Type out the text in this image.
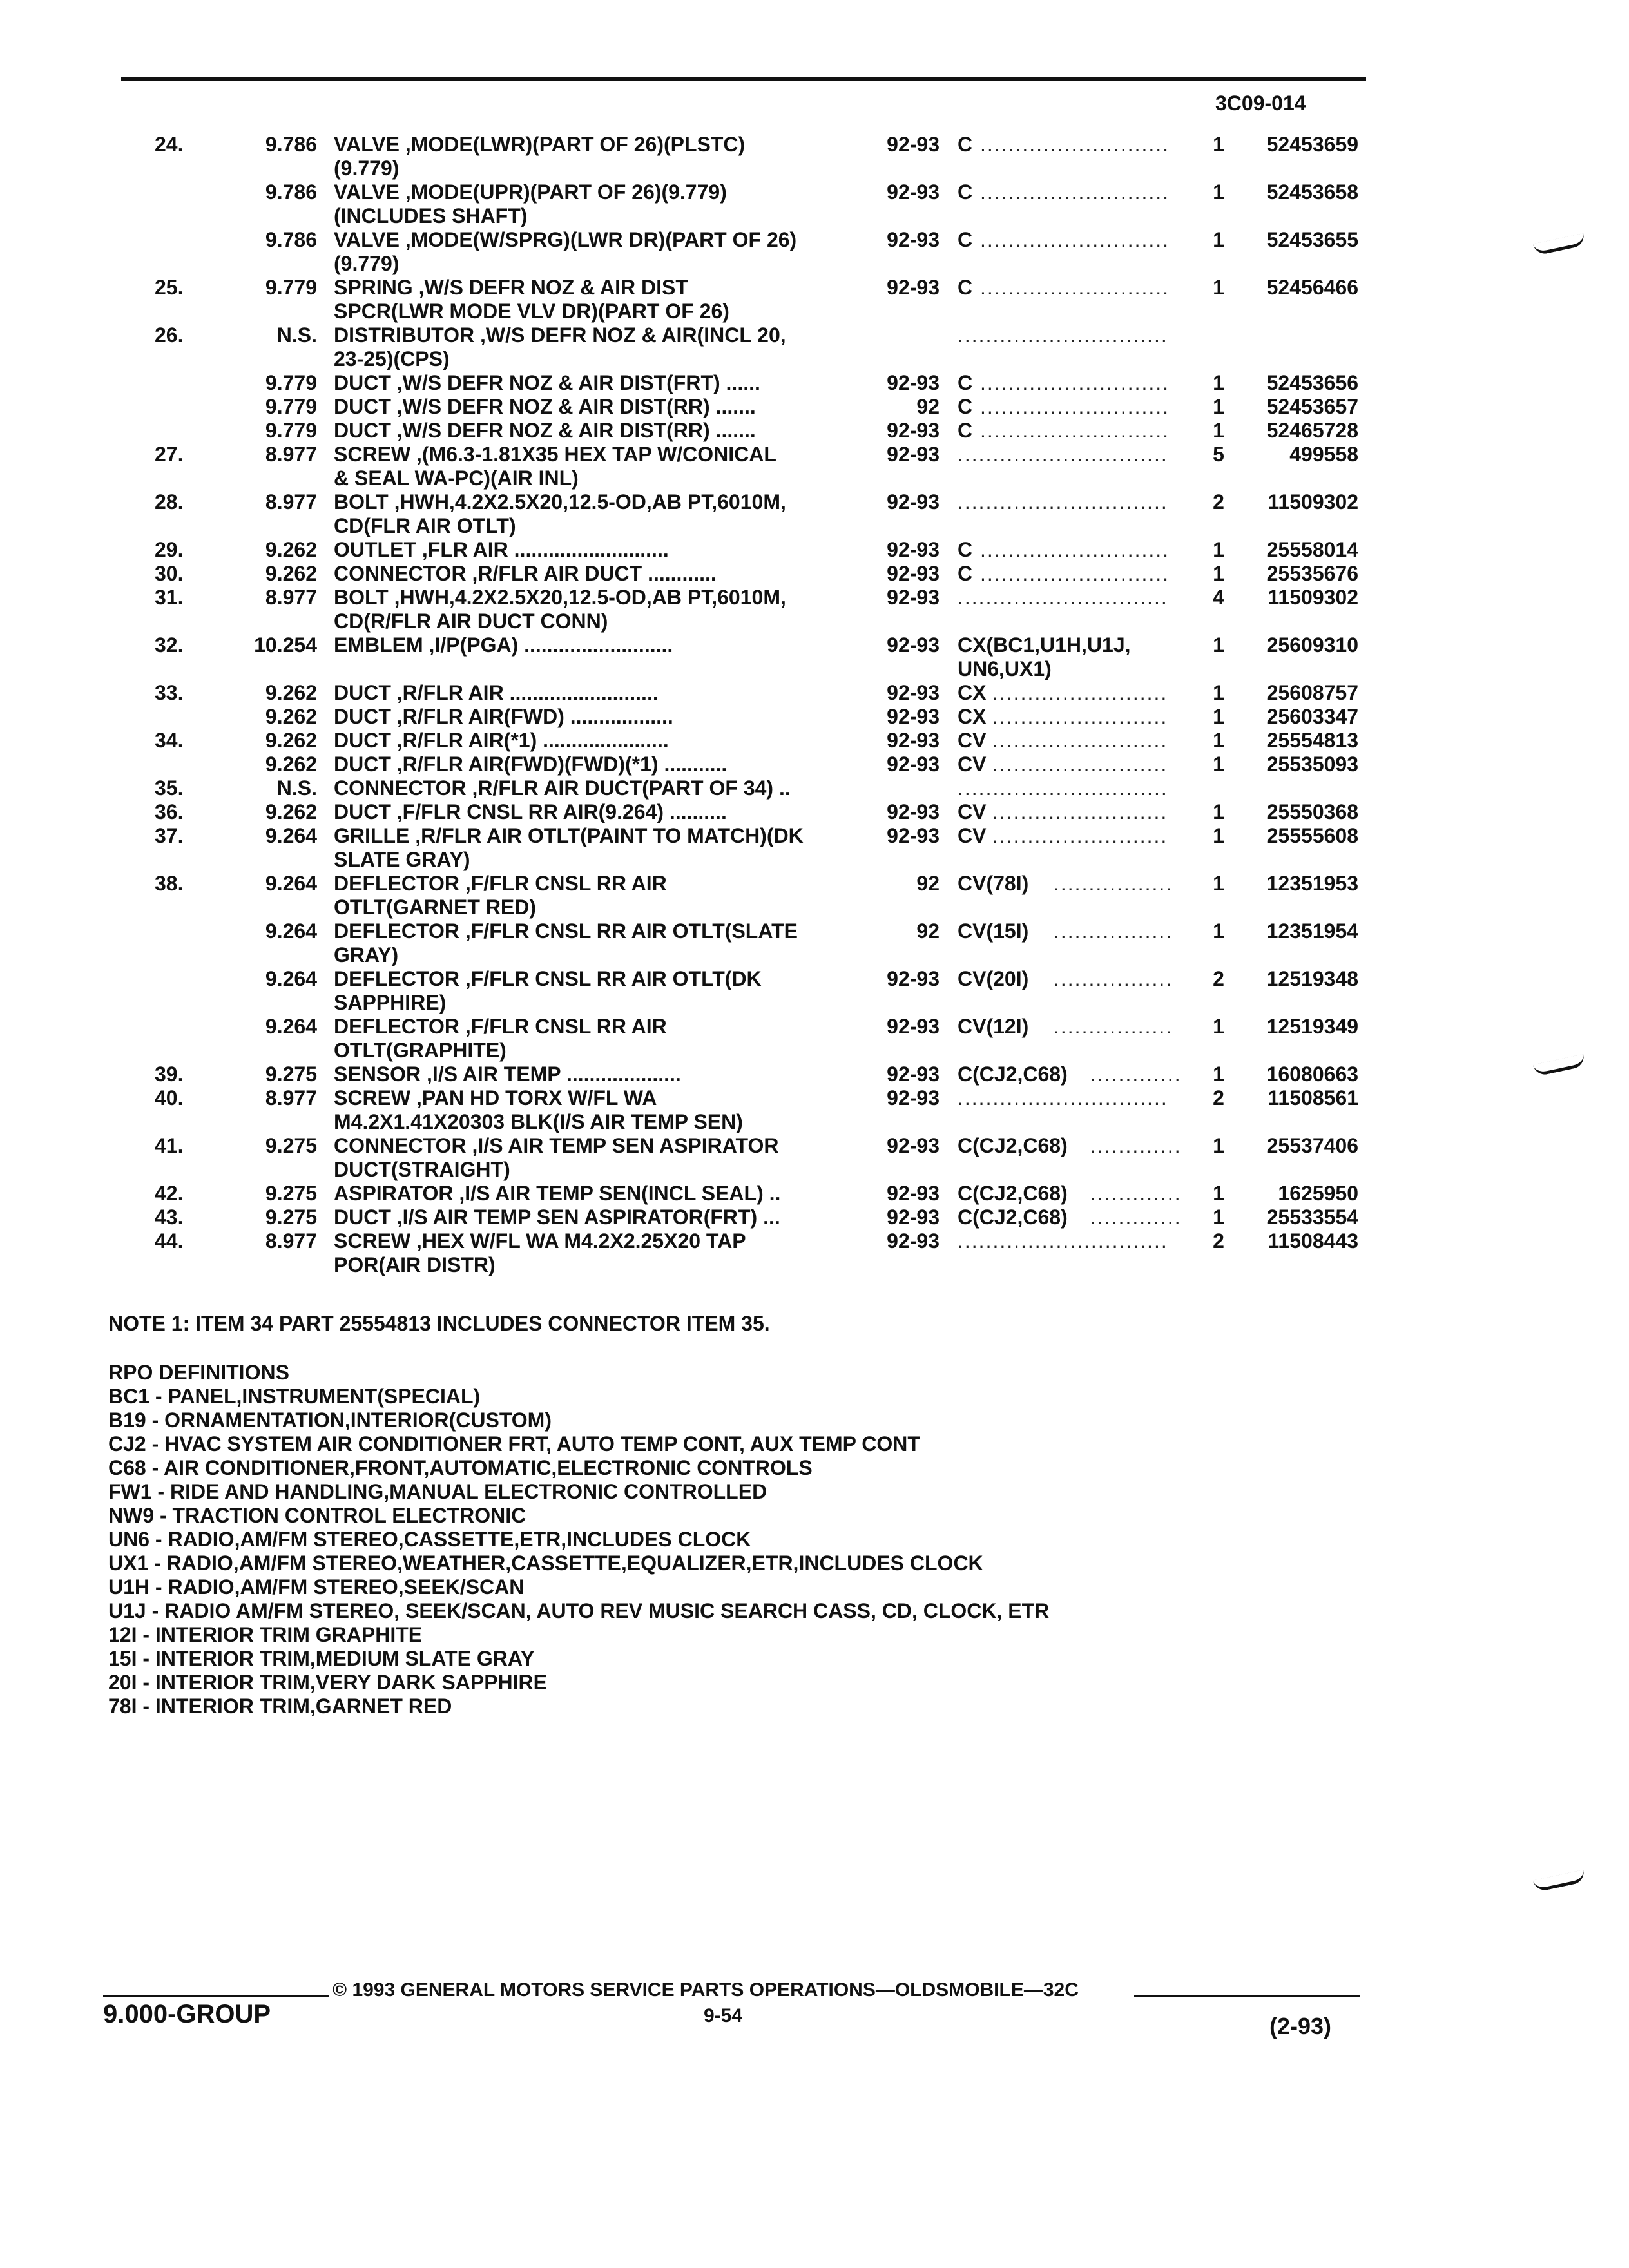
3C09-014
24.	9.786 VALVE ,MODE(LWR)(PART OF 26)(PLSTC)	92-93 C	1 52453659
...........................
(9.779)
9.786 VALVE ,MODE(UPR)(PART OF 26)(9.779)	92-93 C	1 52453658
...........................
(INCLUDES SHAFT)
9.786 VALVE ,MODE(W/SPRG)(LWR DR)(PART OF 26)	92-93 C	1 52453655
...........................
(9.779)
25.	9.779 SPRING ,W/S DEFR NOZ & AIR DIST	92-93 C	1 52456466
...........................
SPCR(LWR MODE VLV DR)(PART OF 26)
26.	N.S. DISTRIBUTOR ,W/S DEFR NOZ & AIR(INCL 20,	..............................
23-25)(CPS)
9.779 DUCT ,W/S DEFR NOZ & AIR DIST(FRT) ......	92-93 C	1 52453656
...........................
9.779 DUCT ,W/S DEFR NOZ & AIR DIST(RR) .......	92 C	1 52453657
...........................
9.779 DUCT ,W/S DEFR NOZ & AIR DIST(RR) .......	92-93 C	1 52465728
...........................
27.	8.977 SCREW ,(M6.3-1.81X35 HEX TAP W/CONICAL	92-93	5	499558
..............................
& SEAL WA-PC)(AIR INL)
28.	8.977 BOLT ,HWH,4.2X2.5X20,12.5-OD,AB PT,6010M,	92-93	2 11509302
..............................
CD(FLR AIR OTLT)
29.	9.262 OUTLET ,FLR AIR ...........................	92-93 C	1 25558014
...........................
30.	9.262 CONNECTOR ,R/FLR AIR DUCT ............	92-93 C	1 25535676
...........................
31.	8.977 BOLT ,HWH,4.2X2.5X20,12.5-OD,AB PT,6010M,	92-93	4 11509302
..............................
CD(R/FLR AIR DUCT CONN)
32.	10.254 EMBLEM ,I/P(PGA) ..........................	92-93 CX(BC1,U1H,U1J,	1 25609310
UN6,UX1)
33.	9.262 DUCT ,R/FLR AIR ..........................	92-93 CX	1 25608757
.........................
9.262 DUCT ,R/FLR AIR(FWD) ..................	92-93 CX	1 25603347
.........................
34.	9.262 DUCT ,R/FLR AIR(*1) ......................	92-93 CV	1 25554813
.........................
9.262 DUCT ,R/FLR AIR(FWD)(FWD)(*1) ...........	92-93 CV	1 25535093
.........................
35.	N.S. CONNECTOR ,R/FLR AIR DUCT(PART OF 34) ..	..............................
36.	9.262 DUCT ,F/FLR CNSL RR AIR(9.264) ..........	92-93 CV	1 25550368
.........................
37.	9.264 GRILLE ,R/FLR AIR OTLT(PAINT TO MATCH)(DK	92-93 CV	1 25555608
.........................
SLATE GRAY)
38.	9.264 DEFLECTOR ,F/FLR CNSL RR AIR	92 CV(78I)	1 12351953
.................
OTLT(GARNET RED)
9.264 DEFLECTOR ,F/FLR CNSL RR AIR OTLT(SLATE	92 CV(15I)	1 12351954
.................
GRAY)
9.264 DEFLECTOR ,F/FLR CNSL RR AIR OTLT(DK	92-93 CV(20I)	2 12519348
.................
SAPPHIRE)
9.264 DEFLECTOR ,F/FLR CNSL RR AIR	92-93 CV(12I)	1 12519349
.................
OTLT(GRAPHITE)
39.	9.275 SENSOR ,I/S AIR TEMP ....................	92-93 C(CJ2,C68)	1 16080663
.............
40.	8.977 SCREW ,PAN HD TORX W/FL WA	92-93	2 11508561
..............................
M4.2X1.41X20303 BLK(I/S AIR TEMP SEN)
41.	9.275 CONNECTOR ,I/S AIR TEMP SEN ASPIRATOR	92-93 C(CJ2,C68)	1 25537406
.............
DUCT(STRAIGHT)
42.	9.275 ASPIRATOR ,I/S AIR TEMP SEN(INCL SEAL) ..	92-93 C(CJ2,C68)	1	1625950
.............
43.	9.275 DUCT ,I/S AIR TEMP SEN ASPIRATOR(FRT) ...	92-93 C(CJ2,C68)	1 25533554
.............
44.	8.977 SCREW ,HEX W/FL WA M4.2X2.25X20 TAP	92-93	2 11508443
..............................
POR(AIR DISTR)
NOTE 1: ITEM 34 PART 25554813 INCLUDES CONNECTOR ITEM 35.
RPO DEFINITIONS
BC1 - PANEL,INSTRUMENT(SPECIAL)
B19 - ORNAMENTATION,INTERIOR(CUSTOM)
CJ2 - HVAC SYSTEM AIR CONDITIONER FRT, AUTO TEMP CONT, AUX TEMP CONT
C68 - AIR CONDITIONER,FRONT,AUTOMATIC,ELECTRONIC CONTROLS
FW1 - RIDE AND HANDLING,MANUAL ELECTRONIC CONTROLLED
NW9 - TRACTION CONTROL ELECTRONIC
UN6 - RADIO,AM/FM STEREO,CASSETTE,ETR,INCLUDES CLOCK
UX1 - RADIO,AM/FM STEREO,WEATHER,CASSETTE,EQUALIZER,ETR,INCLUDES CLOCK
U1H - RADIO,AM/FM STEREO,SEEK/SCAN
U1J - RADIO AM/FM STEREO, SEEK/SCAN, AUTO REV MUSIC SEARCH CASS, CD, CLOCK, ETR
12I - INTERIOR TRIM GRAPHITE
15I - INTERIOR TRIM,MEDIUM SLATE GRAY
20I - INTERIOR TRIM,VERY DARK SAPPHIRE
78I - INTERIOR TRIM,GARNET RED
9.000-GROUP
© 1993 GENERAL MOTORS SERVICE PARTS OPERATIONS—OLDSMOBILE—32C
9-54	(2-93)
